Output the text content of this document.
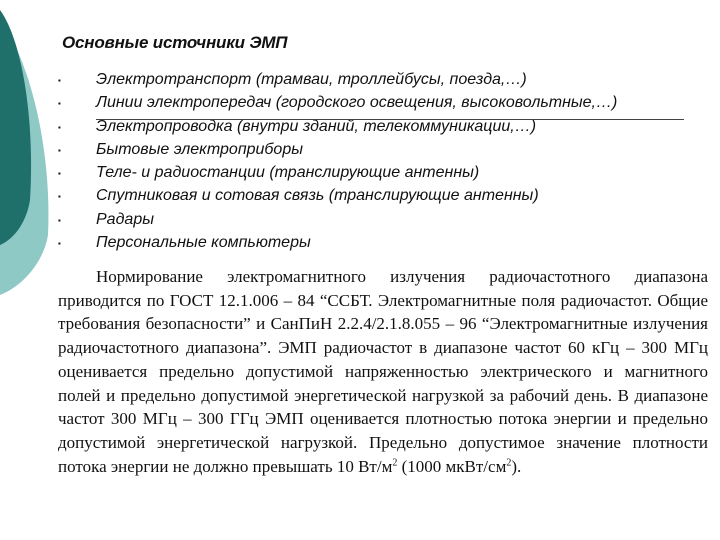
Основные источники ЭМП
▪	Электротранспорт (трамваи, троллейбусы, поезда,…)
▪	Линии электропередач (городского освещения, высоковольтные,…)
▪	Электропроводка (внутри зданий, телекоммуникации,…)
▪	Бытовые электроприборы
▪	Теле- и радиостанции (транслирующие антенны)
▪	Спутниковая и сотовая связь (транслирующие антенны)
▪	Радары
▪	Персональные компьютеры

Нормирование электромагнитного излучения радиочастотного диапазона приводится по ГОСТ 12.1.006 – 84 “ССБТ. Электромагнитные поля радиочастот. Общие требования безопасности” и СанПиН 2.2.4/2.1.8.055 – 96 “Электромагнитные излучения радиочастотного диапазона”. ЭМП радиочастот в диапазоне частот 60 кГц – 300 МГц оценивается предельно допустимой напряженностью электрического и магнитного полей и предельно допустимой энергетической нагрузкой за рабочий день. В диапазоне частот 300 МГц – 300 ГГц ЭМП оценивается плотностью потока энергии и предельно допустимой энергетической нагрузкой. Предельно допустимое значение плотности потока энергии не должно превышать 10 $Вт/м^2$ (1000 мкВт/$см^2$).
